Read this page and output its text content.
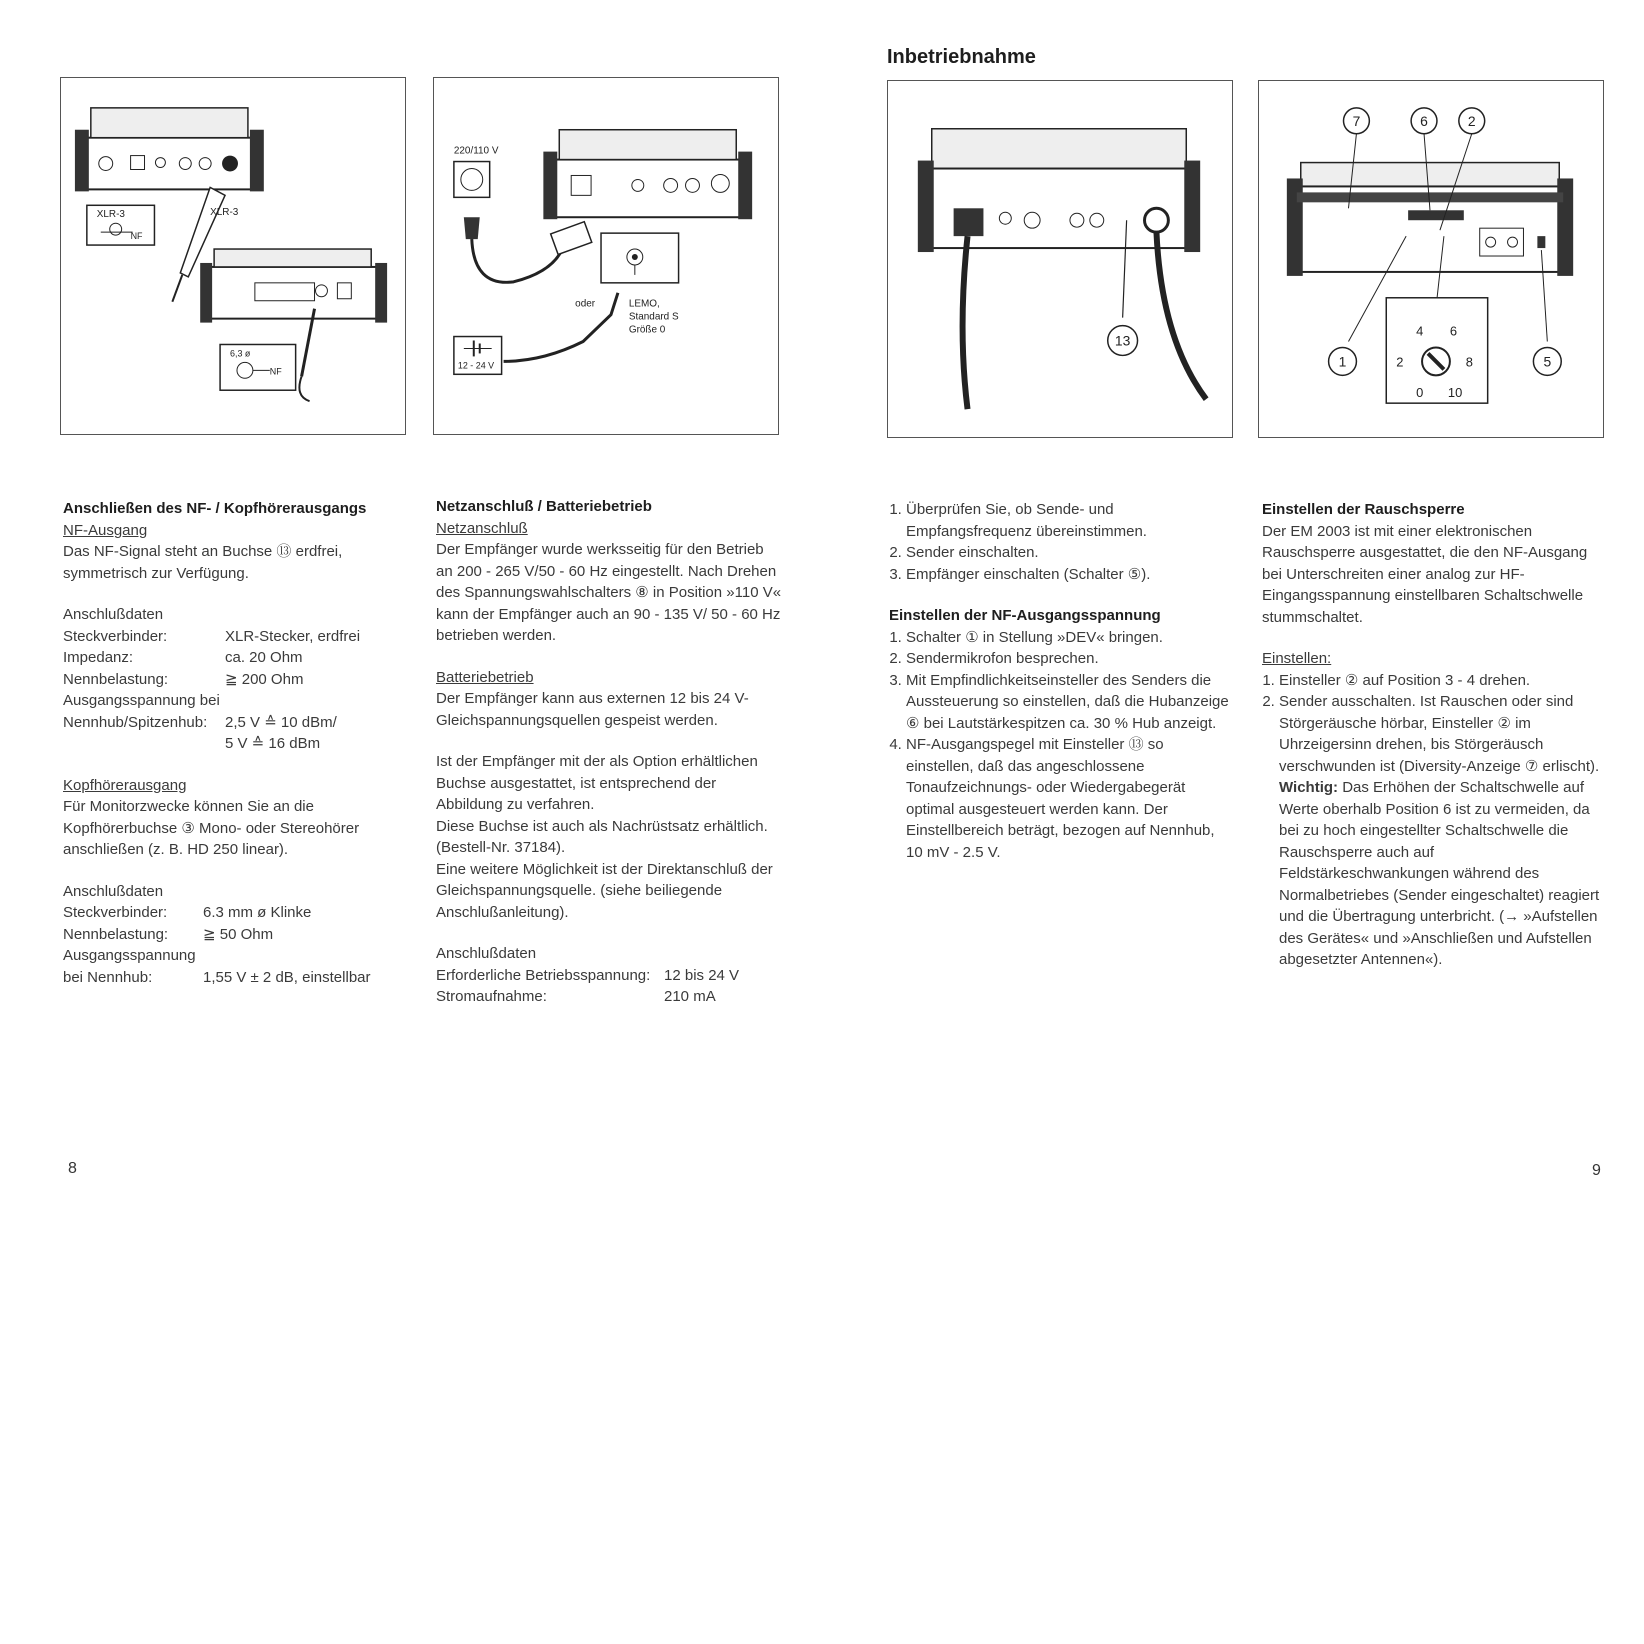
Inbetriebnahme
XLR-3
NF
XLR-3
6,3 ø
NF
220/110 V
oder	LEMO,
Standard S
Größe 0
12 - 24 V
13
7	6	2
1	5
4 6
2	8
0 10
Anschließen des NF- / Kopfhörerausgangs
NF-Ausgang
Das NF-Signal steht an Buchse ⑬ erdfrei, symmetrisch zur Verfügung.
Anschlußdaten
Steckverbinder:	XLR-Stecker, erdfrei
Impedanz:	ca. 20 Ohm
Nennbelastung:	≧ 200 Ohm
Ausgangsspannung bei
Nennhub/Spitzenhub:	2,5 V ≙ 10 dBm/
5 V ≙ 16 dBm
Kopfhörerausgang
Für Monitorzwecke können Sie an die Kopfhörerbuchse ③ Mono- oder Stereohörer anschließen (z. B. HD 250 linear).
Anschlußdaten
Steckverbinder:	6.3 mm ø Klinke
Nennbelastung:	≧ 50 Ohm
Ausgangsspannung
bei Nennhub:	1,55 V ± 2 dB, einstellbar
Netzanschluß / Batteriebetrieb
Netzanschluß
Der Empfänger wurde werksseitig für den Betrieb an 200 - 265 V/50 - 60 Hz eingestellt. Nach Drehen des Spannungswahlschalters ⑧ in Position »110 V« kann der Empfänger auch an 90 - 135 V/ 50 - 60 Hz betrieben werden.
Batteriebetrieb
Der Empfänger kann aus externen 12 bis 24 V-Gleichspannungsquellen gespeist werden.
Ist der Empfänger mit der als Option erhältlichen Buchse ausgestattet, ist entsprechend der Abbildung zu verfahren.
Diese Buchse ist auch als Nachrüstsatz erhältlich. (Bestell-Nr. 37184).
Eine weitere Möglichkeit ist der Direktanschluß der Gleichspannungsquelle. (siehe beiliegende Anschlußanleitung).
Anschlußdaten
Erforderliche Betriebsspannung: 12 bis 24 V
Stromaufnahme:	210 mA
1. Überprüfen Sie, ob Sende- und Empfangsfrequenz übereinstimmen.
2. Sender einschalten.
3. Empfänger einschalten (Schalter ⑤).
Einstellen der NF-Ausgangsspannung
1. Schalter ① in Stellung »DEV« bringen.
2. Sendermikrofon besprechen.
3. Mit Empfindlichkeitseinsteller des Senders die Aussteuerung so einstellen, daß die Hubanzeige ⑥ bei Lautstärkespitzen ca. 30 % Hub anzeigt.
4. NF-Ausgangspegel mit Einsteller ⑬ so einstellen, daß das angeschlossene Tonaufzeichnungs- oder Wiedergabegerät optimal ausgesteuert werden kann. Der Einstellbereich beträgt, bezogen auf Nennhub, 10 mV - 2.5 V.
Einstellen der Rauschsperre
Der EM 2003 ist mit einer elektronischen Rauschsperre ausgestattet, die den NF-Ausgang bei Unterschreiten einer analog zur HF-Eingangsspannung einstellbaren Schaltschwelle stummschaltet.
Einstellen:
1. Einsteller ② auf Position 3 - 4 drehen.
2. Sender ausschalten. Ist Rauschen oder sind Störgeräusche hörbar, Einsteller ② im Uhrzeigersinn drehen, bis Störgeräusch verschwunden ist (Diversity-Anzeige ⑦ erlischt). Wichtig: Das Erhöhen der Schaltschwelle auf Werte oberhalb Position 6 ist zu vermeiden, da bei zu hoch eingestellter Schaltschwelle die Rauschsperre auch auf Feldstärkeschwankungen während des Normalbetriebes (Sender eingeschaltet) reagiert und die Übertragung unterbricht. (→ »Aufstellen des Gerätes« und »Anschließen und Aufstellen abgesetzter Antennen«).
8	9
